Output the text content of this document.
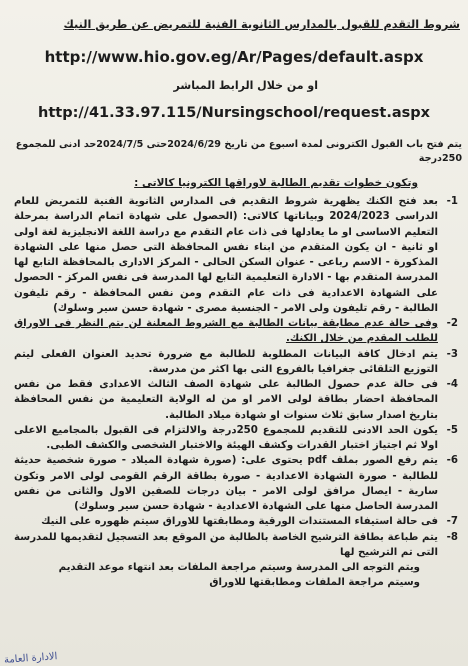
شروط التقدم للقبول بالمدارس الثانوية الفنية للتمريض عن طريق النيك
http://www.hio.gov.eg/Ar/Pages/default.aspx
او من خلال الرابط المباشر
http://41.33.97.115/Nursingschool/request.aspx
يتم فتح باب القبول الكترونى لمدة اسبوع من تاريخ 2024/6/29حتى 2024/7/5حد ادنى للمجموع 250درجة
وتكون خطوات تقديم الطالبة لاوراقها الكترونيا كالاتى :
1-
بعد فتح الكنك يظهرية شروط التقديم فى المدارس الثانوية الفنية للتمريض للعام الدراسى 2024/2023 وبياناتها كالاتى: (الحصول على شهادة اتمام الدراسة بمرحلة التعليم الاساسى او ما يعادلها فى ذات عام التقدم مع دراسة اللغة الانجليزية لغة اولى او ثانية - ان يكون المتقدم من ابناء نفس المحافظة التى حصل منها على الشهادة المذكورة - الاسم رباعى - عنوان السكن الحالى - المركز الادارى بالمحافظة التابع لها المدرسة المتقدم بها - الادارة التعليمية التابع لها المدرسة فى نفس المركز - الحصول على الشهادة الاعدادية فى ذات عام التقدم ومن نفس المحافظة - رقم تليفون الطالبة - رقم تليفون ولى الامر - الجنسية مصرى - شهادة حسن سير وسلوك)
2-
وفى حالة عدم مطابقة بيانات الطالبة مع الشروط المعلنة لن يتم النظر فى الاوراق للطلب المقدم من خلال الكنك.
3-
يتم ادخال كافة البيانات المطلوبة للطالبة مع ضرورة تحديد العنوان الفعلى ليتم التوزيع التلقائى جغرافيا بالفروع التى بها اكثر من مدرسة.
4-
فى حالة عدم حصول الطالبة على شهادة الصف الثالث الاعدادى فقط من نفس المحافظة احضار بطاقة لولى الامر او من له الولاية التعليمية من نفس المحافظة بتاريخ اصدار سابق ثلاث سنوات او شهادة ميلاد الطالبة.
5-
يكون الحد الادنى للتقديم للمجموع 250درجة والالتزام فى القبول بالمجاميع الاعلى اولا ثم اجتياز اختبار القدرات وكشف الهيئة والاختبار الشخصى والكشف الطبى.
6-
يتم رفع الصور بملف pdf يحتوى على: (صورة شهادة الميلاد - صورة شخصية حديثة للطالبة - صورة الشهادة الاعدادية - صورة بطاقة الرقم القومى لولى الامر وتكون سارية - ايصال مرافق لولى الامر - بيان درجات للصفين الاول والثانى من نفس المدرسة الحاصل منها على الشهادة الاعدادية - شهادة حسن سير وسلوك)
7-
فى حالة استيفاء المستندات الورقية ومطابقتها للاوراق سيتم ظهوره على النيك
8-
يتم طباعة بطاقة الترشيح الخاصة بالطالبة من الموقع بعد التسجيل لتقديمها للمدرسة التى تم الترشيح لها
ويتم التوجه الى المدرسة وسيتم مراجعة الملفات بعد انتهاء موعد التقديم
وسيتم مراجعة الملفات ومطابقتها للاوراق
الادارة العامة
